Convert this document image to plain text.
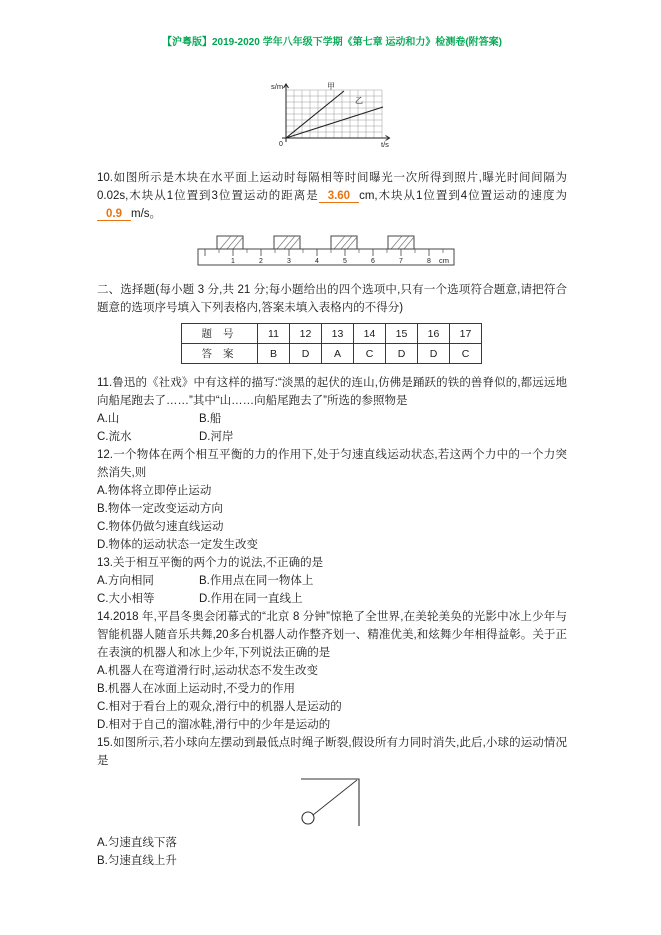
【沪粤版】2019-2020 学年八年级下学期《第七章 运动和力》检测卷(附答案)
s/m
t/s
甲
乙
0

10.如图所示是木块在水平面上运动时每隔相等时间曝光一次所得到照片,曝光时间间隔为0.02s,木块从1位置到3位置运动的距离是 3.60 cm,木块从1位置到4位置运动的速度为0.9 m/s。

1	2	3	4	5	6	7	8 cm

二、选择题(每小题 3 分,共 21 分;每小题给出的四个选项中,只有一个选项符合题意,请把符合题意的选项序号填入下列表格内,答案未填入表格内的不得分)

题 号	11	12	13	14	15	16	17
答 案	B	D	A	C	D	D	C

11.鲁迅的《社戏》中有这样的描写:“淡黑的起伏的连山,仿佛是踊跃的铁的兽脊似的,都远远地向船尾跑去了……”其中“山……向船尾跑去了”所选的参照物是

A.山	B.船
C.流水	D.河岸

12.一个物体在两个相互平衡的力的作用下,处于匀速直线运动状态,若这两个力中的一个力突然消失,则

A.物体将立即停止运动
B.物体一定改变运动方向
C.物体仍做匀速直线运动
D.物体的运动状态一定发生改变

13.关于相互平衡的两个力的说法,不正确的是

A.方向相同	B.作用点在同一物体上
C.大小相等	D.作用在同一直线上

14.2018 年,平昌冬奥会闭幕式的“北京 8 分钟”惊艳了全世界,在美轮美奂的光影中冰上少年与智能机器人随音乐共舞,20多台机器人动作整齐划一、精准优美,和炫舞少年相得益彰。关于正在表演的机器人和冰上少年,下列说法正确的是

A.机器人在弯道滑行时,运动状态不发生改变
B.机器人在冰面上运动时,不受力的作用
C.相对于看台上的观众,滑行中的机器人是运动的
D.相对于自己的溜冰鞋,滑行中的少年是运动的

15.如图所示,若小球向左摆动到最低点时绳子断裂,假设所有力同时消失,此后,小球的运动情况是

A.匀速直线下落
B.匀速直线上升
